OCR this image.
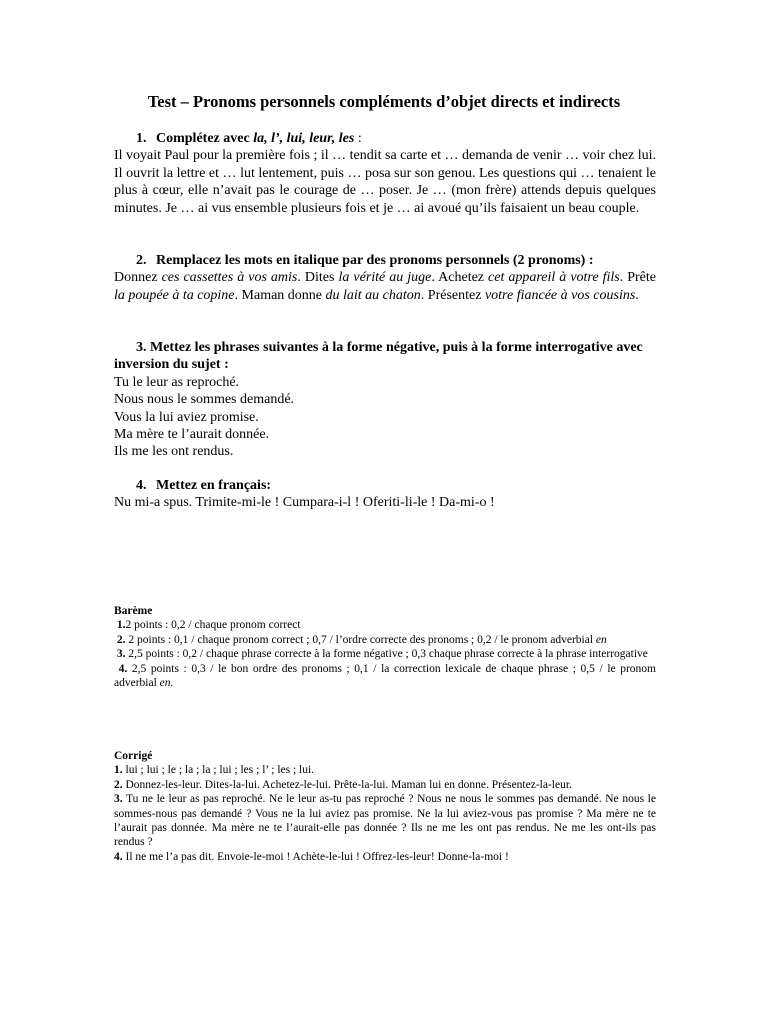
Test – Pronoms personnels compléments d’objet directs et indirects
1. Complétez avec la, l’, lui, leur, les :

Il voyait Paul pour la première fois ; il … tendit sa carte et … demanda de venir … voir chez lui. Il ouvrit la lettre et … lut lentement, puis … posa sur son genou. Les questions qui … tenaient le plus à cœur, elle n’avait pas le courage de … poser. Je … (mon frère) attends depuis quelques minutes. Je … ai vus ensemble plusieurs fois et je … ai avoué qu’ils faisaient un beau couple.

2. Remplacez les mots en italique par des pronoms personnels (2 pronoms) :

Donnez ces cassettes à vos amis. Dites la vérité au juge. Achetez cet appareil à votre fils. Prête la poupée à ta copine. Maman donne du lait au chaton. Présentez votre fiancée à vos cousins.

3. Mettez les phrases suivantes à la forme négative, puis à la forme interrogative avec inversion du sujet :

Tu le leur as reproché.

Nous nous le sommes demandé.

Vous la lui aviez promise.

Ma mère te l’aurait donnée.

Ils me les ont rendus.

4. Mettez en français:

Nu mi-a spus. Trimite-mi-le ! Cumpara-i-l ! Oferiti-li-le ! Da-mi-o !

Barème

1.2 points : 0,2 / chaque pronom correct

2. 2 points : 0,1 / chaque pronom correct ; 0,7 / l’ordre correcte des pronoms ; 0,2 / le pronom adverbial en

3. 2,5 points : 0,2 / chaque phrase correcte à la forme négative ; 0,3 chaque phrase correcte à la phrase interrogative

4. 2,5 points : 0,3 / le bon ordre des pronoms ; 0,1 / la correction lexicale de chaque phrase ; 0,5 / le pronom adverbial en.

Corrigé

1. lui ; lui ; le ; la ; la ; lui ; les ; l’ ; les ; lui.

2. Donnez-les-leur. Dites-la-lui. Achetez-le-lui. Prête-la-lui. Maman lui en donne. Présentez-la-leur.

3. Tu ne le leur as pas reproché. Ne le leur as-tu pas reproché ? Nous ne nous le sommes pas demandé. Ne nous le sommes-nous pas demandé ? Vous ne la lui aviez pas promise. Ne la lui aviez-vous pas promise ? Ma mère ne te l’aurait pas donnée. Ma mère ne te l’aurait-elle pas donnée ? Ils ne me les ont pas rendus. Ne me les ont-ils pas rendus ?

4. Il ne me l’a pas dit. Envoie-le-moi ! Achète-le-lui ! Offrez-les-leur! Donne-la-moi !
